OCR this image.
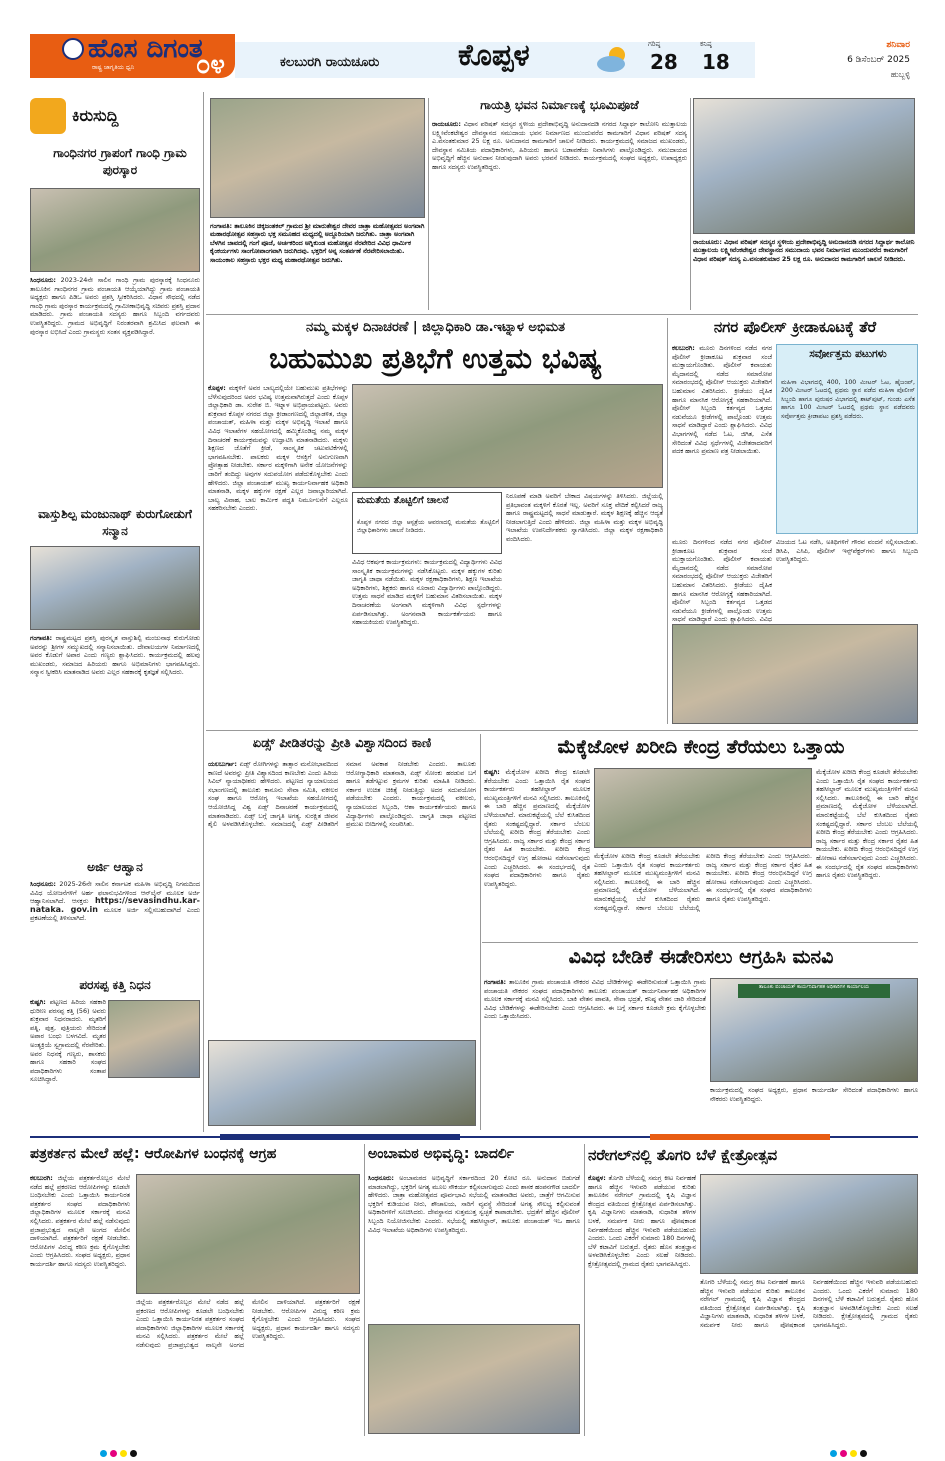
ಹೊಸ ದಿಗಂತ
ರಾಷ್ಟ್ರ ಜಾಗೃತಿಯ ಧ್ವನಿ	೦೪	ಕಲಬುರಗಿ ರಾಯಚೂರು	ಕೊಪ್ಪಳ	ಗರಿಷ್ಠ
28
ಕನಿಷ್ಠ
18
ಶನಿವಾರ
6 ಡಿಸೆಂಬರ್ 2025
ಹುಬ್ಬಳ್ಳಿ
ಕಿರುಸುದ್ದಿ
ಗಾಂಧಿನಗರ ಗ್ರಾಪಂಗೆ ಗಾಂಧಿ ಗ್ರಾಮ ಪುರಸ್ಕಾರ
ಸಿಂಧನೂರು: 2023-24ನೇ ಸಾಲಿನ ಗಾಂಧಿ ಗ್ರಾಮ ಪುರಸ್ಕಾರಕ್ಕೆ ಸಿಂಧನೂರು ತಾಲೂಕಿನ ಗಾಂಧಿನಗರ ಗ್ರಾಮ ಪಂಚಾಯತಿ ಆಯ್ಕೆಯಾಗಿದ್ದು ಗ್ರಾಮ ಪಂಚಾಯತಿ ಅಧ್ಯಕ್ಷರು ಹಾಗೂ ಪಿಡಿಒ ಅವರು ಪ್ರಶಸ್ತಿ ಸ್ವೀಕರಿಸಿದರು. ವಿಧಾನ ಸೌಧದಲ್ಲಿ ನಡೆದ ಗಾಂಧಿ ಗ್ರಾಮ ಪುರಸ್ಕಾರ ಕಾರ್ಯಕ್ರಮದಲ್ಲಿ ಗ್ರಾಮೀಣಾಭಿವೃದ್ಧಿ ಸಚಿವರು ಪ್ರಶಸ್ತಿ ಪ್ರದಾನ ಮಾಡಿದರು. ಗ್ರಾಮ ಪಂಚಾಯತಿ ಸದಸ್ಯರು ಹಾಗೂ ಸಿಬ್ಬಂದಿ ವರ್ಗದವರು ಉಪಸ್ಥಿತರಿದ್ದರು. ಗ್ರಾಮದ ಅಭಿವೃದ್ಧಿಗೆ ನಿರಂತರವಾಗಿ ಶ್ರಮಿಸಿದ ಫಲವಾಗಿ ಈ ಪುರಸ್ಕಾರ ಲಭಿಸಿದೆ ಎಂದು ಗ್ರಾಮಸ್ಥರು ಸಂತಸ ವ್ಯಕ್ತಪಡಿಸಿದ್ದಾರೆ.
ವಾಸ್ತುಶಿಲ್ಪ ಮಂಜುನಾಥ್ ಕುರುಗೋಡುಗೆ ಸನ್ಮಾನ
ಗಂಗಾವತಿ: ರಾಷ್ಟ್ರಮಟ್ಟದ ಪ್ರಶಸ್ತಿ ಪುರಸ್ಕೃತ ವಾಸ್ತುಶಿಲ್ಪಿ ಮಂಜುನಾಥ ಕುರುಗೋಡು ಅವರನ್ನು ಶ್ರೀಗಳ ಸಮ್ಮುಖದಲ್ಲಿ ಸನ್ಮಾನಿಸಲಾಯಿತು. ದೇವಾಲಯಗಳ ನಿರ್ಮಾಣದಲ್ಲಿ ಅವರ ಕೊಡುಗೆ ಅಪಾರ ಎಂದು ಗಣ್ಯರು ಶ್ಲಾಘಿಸಿದರು. ಕಾರ್ಯಕ್ರಮದಲ್ಲಿ ಹಲವು ಮುಖಂಡರು, ಸಮಾಜದ ಹಿರಿಯರು ಹಾಗೂ ಅಭಿಮಾನಿಗಳು ಭಾಗವಹಿಸಿದ್ದರು. ಸನ್ಮಾನ ಸ್ವೀಕರಿಸಿ ಮಾತನಾಡಿದ ಅವರು ಎಲ್ಲರ ಸಹಕಾರಕ್ಕೆ ಕೃತಜ್ಞತೆ ಸಲ್ಲಿಸಿದರು.
ಅರ್ಜಿ ಆಹ್ವಾನ
ಸಿಂಧನೂರು: 2025-26ನೇ ಸಾಲಿನ ಕರ್ನಾಟಕ ಮಹಿಳಾ ಅಭಿವೃದ್ಧಿ ನಿಗಮದಿಂದ ವಿವಿಧ ಯೋಜನೆಗಳಿಗೆ ಅರ್ಹ ಫಲಾನುಭವಿಗಳಿಂದ ಆನ್‌ಲೈನ್ ಮೂಲಕ ಅರ್ಜಿ ಆಹ್ವಾನಿಸಲಾಗಿದೆ. ಆಸಕ್ತರು https://sevasindhu.kar- nataka. gov.in ಮೂಲಕ ಅರ್ಜಿ ಸಲ್ಲಿಸಬಹುದಾಗಿದೆ ಎಂದು ಪ್ರಕಟಣೆಯಲ್ಲಿ ತಿಳಿಸಲಾಗಿದೆ.
ಪರಸಪ್ಪ ಕತ್ತಿ ನಿಧನ
ಕುಷ್ಟಗಿ: ಪಟ್ಟಣದ ಹಿರಿಯ ಸಹಕಾರಿ ಧುರೀಣ ಪರಸಪ್ಪ ಕತ್ತಿ (56) ಅವರು ಶುಕ್ರವಾರ ನಿಧನರಾದರು. ಮೃತರಿಗೆ ಪತ್ನಿ, ಪುತ್ರ, ಪುತ್ರಿಯರು ಸೇರಿದಂತೆ ಅಪಾರ ಬಂಧು ಬಳಗವಿದೆ. ಮೃತರ ಅಂತ್ಯಕ್ರಿಯೆ ಸ್ವಗ್ರಾಮದಲ್ಲಿ ನೆರವೇರಿತು. ಅವರ ನಿಧನಕ್ಕೆ ಗಣ್ಯರು, ಶಾಸಕರು ಹಾಗೂ ಸಹಕಾರಿ ಸಂಘದ ಪದಾಧಿಕಾರಿಗಳು ಸಂತಾಪ ಸೂಚಿಸಿದ್ದಾರೆ.
ಗಂಗಾವತಿ: ತಾಲೂಕಿನ ಚಿಕ್ಕಜಂತಕಲ್ ಗ್ರಾಮದ ಶ್ರೀ ಮಾರುತೇಶ್ವರ ದೇವರ ಜಾತ್ರಾ ಮಹೋತ್ಸವದ ಅಂಗವಾಗಿ ಮಹಾರಥೋತ್ಸವ ಸಹಸ್ರಾರು ಭಕ್ತ ಸಮೂಹದ ಮಧ್ಯದಲ್ಲಿ ಅದ್ದೂರಿಯಾಗಿ ಜರುಗಿತು. ಜಾತ್ರಾ ಅಂಗವಾಗಿ ಬೆಳಗಿನ ಜಾವದಲ್ಲಿ ಗಂಗೆ ಪೂಜೆ, ಅರ್ಚಕರಿಂದ ಅಗ್ನಿಕುಂಡ ಮಹೋತ್ಸವ ನೆರವೇರಿದ ವಿವಿಧ ಧಾರ್ಮಿಕ ಕೈಂಕರ್ಯಗಳು ಸಾಂಗೋಪಾಂಗವಾಗಿ ಜರುಗಿದವು. ಭಕ್ತರಿಗೆ ಅನ್ನ ಸಂತರ್ಪಣೆ ನೆರವೇರಿಸಲಾಯಿತು. ಸಾಯಂಕಾಲ ಸಹಸ್ರಾರು ಭಕ್ತರ ಮಧ್ಯ ಮಹಾರಥೋತ್ಸವ ಜರುಗಿತು.
ಗಾಯತ್ರಿ ಭವನ ನಿರ್ಮಾಣಕ್ಕೆ ಭೂಮಿಪೂಜೆ
ರಾಯಚೂರು: ವಿಧಾನ ಪರಿಷತ್ ಸದಸ್ಯರ ಸ್ಥಳೀಯ ಪ್ರದೇಶಾಭಿವೃದ್ಧಿ ಅನುದಾನದಡಿ ನಗರದ ಸಿದ್ದಾರ್ಥ ಕಾಲೋನಿ ಮುತ್ತಾಲಯ ಲಕ್ಷ್ಮೀವೆಂಕಟೇಶ್ವರ ದೇವಸ್ಥಾನದ ಸಮುದಾಯ ಭವನ ನಿರ್ಮಾಣದ ಮುಂದುವರೆದ ಕಾಮಗಾರಿಗೆ ವಿಧಾನ ಪರಿಷತ್ ಸದಸ್ಯ ಎ.ವಸಂತಕುಮಾರ 25 ಲಕ್ಷ ರೂ. ಅನುದಾನದ ಕಾಮಗಾರಿಗೆ ಚಾಲನೆ ನೀಡಿದರು. ಕಾರ್ಯಕ್ರಮದಲ್ಲಿ ಸಮಾಜದ ಮುಖಂಡರು, ದೇವಸ್ಥಾನ ಸಮಿತಿಯ ಪದಾಧಿಕಾರಿಗಳು, ಹಿರಿಯರು ಹಾಗೂ ಬಡಾವಣೆಯ ನಿವಾಸಿಗಳು ಪಾಲ್ಗೊಂಡಿದ್ದರು. ಸಮುದಾಯದ ಅಭಿವೃದ್ಧಿಗೆ ಹೆಚ್ಚಿನ ಅನುದಾನ ನೀಡುವುದಾಗಿ ಅವರು ಭರವಸೆ ನೀಡಿದರು. ಕಾರ್ಯಕ್ರಮದಲ್ಲಿ ಸಂಘದ ಅಧ್ಯಕ್ಷರು, ಉಪಾಧ್ಯಕ್ಷರು ಹಾಗೂ ಸದಸ್ಯರು ಉಪಸ್ಥಿತರಿದ್ದರು.
ರಾಯಚೂರು: ವಿಧಾನ ಪರಿಷತ್ ಸದಸ್ಯರ ಸ್ಥಳೀಯ ಪ್ರದೇಶಾಭಿವೃದ್ಧಿ ಅನುದಾನದಡಿ ನಗರದ ಸಿದ್ದಾರ್ಥ ಕಾಲೋನಿ ಮುತ್ತಾಲಯ ಲಕ್ಷ್ಮೀವೆಂಕಟೇಶ್ವರ ದೇವಸ್ಥಾನದ ಸಮುದಾಯ ಭವನ ನಿರ್ಮಾಣದ ಮುಂದುವರೆದ ಕಾಮಗಾರಿಗೆ ವಿಧಾನ ಪರಿಷತ್ ಸದಸ್ಯ ಎ.ವಸಂತಕುಮಾರ 25 ಲಕ್ಷ ರೂ. ಅನುದಾನದ ಕಾಮಗಾರಿಗೆ ಚಾಲನೆ ನೀಡಿದರು.
ನಮ್ಮ ಮಕ್ಕಳ ದಿನಾಚರಣೆ | ಜಿಲ್ಲಾಧಿಕಾರಿ ಡಾ.ಇಟ್ನಾಳ ಅಭಿಮತ
ಬಹುಮುಖ ಪ್ರತಿಭೆಗೆ ಉತ್ತಮ ಭವಿಷ್ಯ
ಕೊಪ್ಪಳ: ಮಕ್ಕಳಿಗೆ ಅವರ ಬಾಲ್ಯದಲ್ಲಿಯೇ ಬಹುಮುಖ ಪ್ರತಿಭೆಗಳನ್ನು ಬೆಳೆಸುವುದರಿಂದ ಅವರ ಭವಿಷ್ಯ ಉತ್ತಮವಾಗಿರುತ್ತದೆ ಎಂದು ಕೊಪ್ಪಳ ಜಿಲ್ಲಾಧಿಕಾರಿ ಡಾ. ಸುರೇಶ ಬಿ. ಇಟ್ನಾಳ ಅಭಿಪ್ರಾಯಪಟ್ಟರು. ಅವರು ಶುಕ್ರವಾರ ಕೊಪ್ಪಳ ನಗರದ ಜಿಲ್ಲಾ ಕ್ರೀಡಾಂಗಣದಲ್ಲಿ ಜಿಲ್ಲಾಡಳಿತ, ಜಿಲ್ಲಾ ಪಂಚಾಯತ್, ಮಹಿಳಾ ಮತ್ತು ಮಕ್ಕಳ ಅಭಿವೃದ್ಧಿ ಇಲಾಖೆ ಹಾಗೂ ವಿವಿಧ ಇಲಾಖೆಗಳ ಸಹಯೋಗದಲ್ಲಿ ಹಮ್ಮಿಕೊಂಡಿದ್ದ ನಮ್ಮ ಮಕ್ಕಳ ದಿನಾಚರಣೆ ಕಾರ್ಯಕ್ರಮವನ್ನು ಉದ್ಘಾಟಿಸಿ ಮಾತನಾಡಿದರು. ಮಕ್ಕಳು ಶಿಕ್ಷಣದ ಜೊತೆಗೆ ಕ್ರೀಡೆ, ಸಾಂಸ್ಕೃತಿಕ ಚಟುವಟಿಕೆಗಳಲ್ಲಿ ಭಾಗವಹಿಸಬೇಕು. ಪಾಲಕರು ಮಕ್ಕಳ ಆಸಕ್ತಿಗೆ ಅನುಗುಣವಾಗಿ ಪ್ರೋತ್ಸಾಹ ನೀಡಬೇಕು. ಸರ್ಕಾರ ಮಕ್ಕಳಿಗಾಗಿ ಅನೇಕ ಯೋಜನೆಗಳನ್ನು ಜಾರಿಗೆ ತಂದಿದ್ದು ಅವುಗಳ ಸದುಪಯೋಗ ಪಡೆದುಕೊಳ್ಳಬೇಕು ಎಂದು ಹೇಳಿದರು. ಜಿಲ್ಲಾ ಪಂಚಾಯತ್ ಮುಖ್ಯ ಕಾರ್ಯನಿರ್ವಾಹಕ ಅಧಿಕಾರಿ ಮಾತನಾಡಿ, ಮಕ್ಕಳ ಹಕ್ಕುಗಳ ರಕ್ಷಣೆ ಎಲ್ಲರ ಜವಾಬ್ದಾರಿಯಾಗಿದೆ. ಬಾಲ್ಯ ವಿವಾಹ, ಬಾಲ ಕಾರ್ಮಿಕ ಪದ್ಧತಿ ನಿರ್ಮೂಲನೆಗೆ ಎಲ್ಲರೂ ಸಹಕರಿಸಬೇಕು ಎಂದರು.
ಮಮತೆಯ ತೊಟ್ಟಿಲಿಗೆ ಚಾಲನೆ
ಕೊಪ್ಪಳ ನಗರದ ಜಿಲ್ಲಾ ಆಸ್ಪತ್ರೆಯ ಆವರಣದಲ್ಲಿ ಮಮತೆಯ ತೊಟ್ಟಿಲಿಗೆ ಜಿಲ್ಲಾಧಿಕಾರಿಗಳು ಚಾಲನೆ ನೀಡಿದರು.
ವಿವಿಧ ಆಕರ್ಷಕ ಕಾರ್ಯಕ್ರಮಗಳು: ಕಾರ್ಯಕ್ರಮದಲ್ಲಿ ವಿದ್ಯಾರ್ಥಿಗಳು ವಿವಿಧ ಸಾಂಸ್ಕೃತಿಕ ಕಾರ್ಯಕ್ರಮಗಳನ್ನು ನಡೆಸಿಕೊಟ್ಟರು. ಮಕ್ಕಳ ಹಕ್ಕುಗಳ ಕುರಿತು ಜಾಗೃತಿ ಜಾಥಾ ನಡೆಯಿತು. ಮಕ್ಕಳ ರಕ್ಷಣಾಧಿಕಾರಿಗಳು, ಶಿಕ್ಷಣ ಇಲಾಖೆಯ ಅಧಿಕಾರಿಗಳು, ಶಿಕ್ಷಕರು ಹಾಗೂ ನೂರಾರು ವಿದ್ಯಾರ್ಥಿಗಳು ಪಾಲ್ಗೊಂಡಿದ್ದರು. ಉತ್ತಮ ಸಾಧನೆ ಮಾಡಿದ ಮಕ್ಕಳಿಗೆ ಬಹುಮಾನ ವಿತರಿಸಲಾಯಿತು. ಮಕ್ಕಳ ದಿನಾಚರಣೆಯ ಅಂಗವಾಗಿ ಮಕ್ಕಳಿಗಾಗಿ ವಿವಿಧ ಸ್ಪರ್ಧೆಗಳನ್ನು ಏರ್ಪಡಿಸಲಾಗಿತ್ತು. ಅಂಗನವಾಡಿ ಕಾರ್ಯಕರ್ತೆಯರು ಹಾಗೂ ಸಹಾಯಕಿಯರು ಉಪಸ್ಥಿತರಿದ್ದರು.
ನಿರೂಪಣೆ ಮಾಡಿ ಅವರಿಗೆ ಬೇಕಾದ ವಿಷಯಗಳನ್ನು ತಿಳಿಸಿದರು. ಜಿಲ್ಲೆಯಲ್ಲಿ ಪ್ರತಿಭಾವಂತ ಮಕ್ಕಳಿಗೆ ಕೊರತೆ ಇಲ್ಲ. ಅವರಿಗೆ ಸೂಕ್ತ ವೇದಿಕೆ ಕಲ್ಪಿಸಿದರೆ ರಾಜ್ಯ ಹಾಗೂ ರಾಷ್ಟ್ರಮಟ್ಟದಲ್ಲಿ ಸಾಧನೆ ಮಾಡುತ್ತಾರೆ. ಮಕ್ಕಳ ಶಿಕ್ಷಣಕ್ಕೆ ಹೆಚ್ಚಿನ ಆದ್ಯತೆ ನೀಡಲಾಗುತ್ತಿದೆ ಎಂದು ಹೇಳಿದರು. ಜಿಲ್ಲಾ ಮಹಿಳಾ ಮತ್ತು ಮಕ್ಕಳ ಅಭಿವೃದ್ಧಿ ಇಲಾಖೆಯ ಉಪನಿರ್ದೇಶಕರು ಸ್ವಾಗತಿಸಿದರು. ಜಿಲ್ಲಾ ಮಕ್ಕಳ ರಕ್ಷಣಾಧಿಕಾರಿ ವಂದಿಸಿದರು.
ನಗರ ಪೊಲೀಸ್ ಕ್ರೀಡಾಕೂಟಕ್ಕೆ ತೆರೆ
ಕಲಬುರಗಿ: ಮೂರು ದಿನಗಳಿಂದ ನಡೆದ ನಗರ ಪೊಲೀಸ್ ಕ್ರೀಡಾಕೂಟ ಶುಕ್ರವಾರ ಸಂಜೆ ಮುಕ್ತಾಯಗೊಂಡಿತು. ಪೊಲೀಸ್ ಕವಾಯತು ಮೈದಾನದಲ್ಲಿ ನಡೆದ ಸಮಾರೋಪ ಸಮಾರಂಭದಲ್ಲಿ ಪೊಲೀಸ್ ಆಯುಕ್ತರು ವಿಜೇತರಿಗೆ ಬಹುಮಾನ ವಿತರಿಸಿದರು. ಕ್ರೀಡೆಯು ದೈಹಿಕ ಹಾಗೂ ಮಾನಸಿಕ ಆರೋಗ್ಯಕ್ಕೆ ಸಹಕಾರಿಯಾಗಿದೆ. ಪೊಲೀಸ್ ಸಿಬ್ಬಂದಿ ಕರ್ತವ್ಯದ ಒತ್ತಡದ ನಡುವೆಯೂ ಕ್ರೀಡೆಗಳಲ್ಲಿ ಪಾಲ್ಗೊಂಡು ಉತ್ತಮ ಸಾಧನೆ ಮಾಡಿದ್ದಾರೆ ಎಂದು ಶ್ಲಾಘಿಸಿದರು. ವಿವಿಧ ವಿಭಾಗಗಳಲ್ಲಿ ನಡೆದ ಓಟ, ಜಿಗಿತ, ಎಸೆತ ಸೇರಿದಂತೆ ವಿವಿಧ ಸ್ಪರ್ಧೆಗಳಲ್ಲಿ ವಿಜೇತರಾದವರಿಗೆ ಪದಕ ಹಾಗೂ ಪ್ರಮಾಣ ಪತ್ರ ನೀಡಲಾಯಿತು.
ಸರ್ವೋತ್ತಮ ಪಟುಗಳು
ಮಹಿಳಾ ವಿಭಾಗದಲ್ಲಿ 400, 100 ಮೀಟರ್ ಓಟ, ಹೈಜಂಪ್, 200 ಮೀಟರ್ ಓಟದಲ್ಲಿ ಪ್ರಥಮ ಸ್ಥಾನ ಪಡೆದ ಮಹಿಳಾ ಪೊಲೀಸ್ ಸಿಬ್ಬಂದಿ ಹಾಗೂ ಪುರುಷರ ವಿಭಾಗದಲ್ಲಿ ಶಾಟ್‌ಪುಟ್, ಗುಂಡು ಎಸೆತ ಹಾಗೂ 100 ಮೀಟರ್ ಓಟದಲ್ಲಿ ಪ್ರಥಮ ಸ್ಥಾನ ಪಡೆದವರು ಸರ್ವೋತ್ತಮ ಕ್ರೀಡಾಪಟು ಪ್ರಶಸ್ತಿ ಪಡೆದರು.
ವಿಜಯದ ಓಟ ನಡೆಸಿ, ಅತಿಥಿಗಳಿಗೆ ಗೌರವ ವಂದನೆ ಸಲ್ಲಿಸಲಾಯಿತು. ಡಿಸಿಪಿ, ಎಸಿಪಿ, ಪೊಲೀಸ್ ಇನ್ಸ್‌ಪೆಕ್ಟರ್‌ಗಳು ಹಾಗೂ ಸಿಬ್ಬಂದಿ ಉಪಸ್ಥಿತರಿದ್ದರು.
ಮೂರು ದಿನಗಳಿಂದ ನಡೆದ ನಗರ ಪೊಲೀಸ್ ಕ್ರೀಡಾಕೂಟ ಶುಕ್ರವಾರ ಸಂಜೆ ಮುಕ್ತಾಯಗೊಂಡಿತು. ಪೊಲೀಸ್ ಕವಾಯತು ಮೈದಾನದಲ್ಲಿ ನಡೆದ ಸಮಾರೋಪ ಸಮಾರಂಭದಲ್ಲಿ ಪೊಲೀಸ್ ಆಯುಕ್ತರು ವಿಜೇತರಿಗೆ ಬಹುಮಾನ ವಿತರಿಸಿದರು. ಕ್ರೀಡೆಯು ದೈಹಿಕ ಹಾಗೂ ಮಾನಸಿಕ ಆರೋಗ್ಯಕ್ಕೆ ಸಹಕಾರಿಯಾಗಿದೆ. ಪೊಲೀಸ್ ಸಿಬ್ಬಂದಿ ಕರ್ತವ್ಯದ ಒತ್ತಡದ ನಡುವೆಯೂ ಕ್ರೀಡೆಗಳಲ್ಲಿ ಪಾಲ್ಗೊಂಡು ಉತ್ತಮ ಸಾಧನೆ ಮಾಡಿದ್ದಾರೆ ಎಂದು ಶ್ಲಾಘಿಸಿದರು. ವಿವಿಧ
ಏಡ್ಸ್ ಪೀಡಿತರನ್ನು ಪ್ರೀತಿ ವಿಶ್ವಾಸದಿಂದ ಕಾಣಿ
ಯಲಬುರ್ಗಾ: ಏಡ್ಸ್ ರೋಗಿಗಳನ್ನು ತಾತ್ಸಾರ ಮನೋಭಾವದಿಂದ ಕಾಣದೆ ಅವರನ್ನು ಪ್ರೀತಿ ವಿಶ್ವಾಸದಿಂದ ಕಾಣಬೇಕು ಎಂದು ಹಿರಿಯ ಸಿವಿಲ್ ನ್ಯಾಯಾಧೀಶರು ಹೇಳಿದರು. ಪಟ್ಟಣದ ನ್ಯಾಯಾಲಯದ ಸಭಾಂಗಣದಲ್ಲಿ ತಾಲೂಕು ಕಾನೂನು ಸೇವಾ ಸಮಿತಿ, ವಕೀಲರ ಸಂಘ ಹಾಗೂ ಆರೋಗ್ಯ ಇಲಾಖೆಯ ಸಹಯೋಗದಲ್ಲಿ ಆಯೋಜಿಸಿದ್ದ ವಿಶ್ವ ಏಡ್ಸ್ ದಿನಾಚರಣೆ ಕಾರ್ಯಕ್ರಮದಲ್ಲಿ ಮಾತನಾಡಿದರು. ಏಡ್ಸ್ ಬಗ್ಗೆ ಜಾಗೃತಿ ಅಗತ್ಯ. ಸುರಕ್ಷಿತ ಜೀವನ ಶೈಲಿ ಅಳವಡಿಸಿಕೊಳ್ಳಬೇಕು. ಸಮಾಜದಲ್ಲಿ ಏಡ್ಸ್ ಪೀಡಿತರಿಗೆ ಸಮಾನ ಅವಕಾಶ ನೀಡಬೇಕು ಎಂದರು. ತಾಲೂಕು ಆರೋಗ್ಯಾಧಿಕಾರಿ ಮಾತನಾಡಿ, ಏಡ್ಸ್ ಸೋಂಕು ಹರಡುವ ಬಗೆ ಹಾಗೂ ತಡೆಗಟ್ಟುವ ಕ್ರಮಗಳ ಕುರಿತು ಮಾಹಿತಿ ನೀಡಿದರು. ಸರ್ಕಾರ ಉಚಿತ ಚಿಕಿತ್ಸೆ ನೀಡುತ್ತಿದ್ದು ಅದರ ಸದುಪಯೋಗ ಪಡೆಯಬೇಕು ಎಂದರು. ಕಾರ್ಯಕ್ರಮದಲ್ಲಿ ವಕೀಲರು, ನ್ಯಾಯಾಲಯದ ಸಿಬ್ಬಂದಿ, ಆಶಾ ಕಾರ್ಯಕರ್ತೆಯರು ಹಾಗೂ ವಿದ್ಯಾರ್ಥಿಗಳು ಪಾಲ್ಗೊಂಡಿದ್ದರು. ಜಾಗೃತಿ ಜಾಥಾ ಪಟ್ಟಣದ ಪ್ರಮುಖ ಬೀದಿಗಳಲ್ಲಿ ಸಂಚರಿಸಿತು.
ಮೆಕ್ಕೆಜೋಳ ಖರೀದಿ ಕೇಂದ್ರ ತೆರೆಯಲು ಒತ್ತಾಯ
ಕುಷ್ಟಗಿ: ಮೆಕ್ಕೆಜೋಳ ಖರೀದಿ ಕೇಂದ್ರ ಕೂಡಲೇ ತೆರೆಯಬೇಕು ಎಂದು ಒತ್ತಾಯಿಸಿ ರೈತ ಸಂಘದ ಕಾರ್ಯಕರ್ತರು ತಹಸೀಲ್ದಾರ್ ಮೂಲಕ ಮುಖ್ಯಮಂತ್ರಿಗಳಿಗೆ ಮನವಿ ಸಲ್ಲಿಸಿದರು. ತಾಲೂಕಿನಲ್ಲಿ ಈ ಬಾರಿ ಹೆಚ್ಚಿನ ಪ್ರಮಾಣದಲ್ಲಿ ಮೆಕ್ಕೆಜೋಳ ಬೆಳೆಯಲಾಗಿದೆ. ಮಾರುಕಟ್ಟೆಯಲ್ಲಿ ಬೆಲೆ ಕುಸಿತದಿಂದ ರೈತರು ಸಂಕಷ್ಟದಲ್ಲಿದ್ದಾರೆ. ಸರ್ಕಾರ ಬೆಂಬಲ ಬೆಲೆಯಲ್ಲಿ ಖರೀದಿ ಕೇಂದ್ರ ತೆರೆಯಬೇಕು ಎಂದು ಆಗ್ರಹಿಸಿದರು. ರಾಜ್ಯ ಸರ್ಕಾರ ಮತ್ತು ಕೇಂದ್ರ ಸರ್ಕಾರ ರೈತರ ಹಿತ ಕಾಯಬೇಕು. ಖರೀದಿ ಕೇಂದ್ರ ಆರಂಭಿಸದಿದ್ದರೆ ಉಗ್ರ ಹೋರಾಟ ನಡೆಸಲಾಗುವುದು ಎಂದು ಎಚ್ಚರಿಸಿದರು. ಈ ಸಂದರ್ಭದಲ್ಲಿ ರೈತ ಸಂಘದ ಪದಾಧಿಕಾರಿಗಳು ಹಾಗೂ ರೈತರು ಉಪಸ್ಥಿತರಿದ್ದರು.
ಮೆಕ್ಕೆಜೋಳ ಖರೀದಿ ಕೇಂದ್ರ ಕೂಡಲೇ ತೆರೆಯಬೇಕು ಎಂದು ಒತ್ತಾಯಿಸಿ ರೈತ ಸಂಘದ ಕಾರ್ಯಕರ್ತರು ತಹಸೀಲ್ದಾರ್ ಮೂಲಕ ಮುಖ್ಯಮಂತ್ರಿಗಳಿಗೆ ಮನವಿ ಸಲ್ಲಿಸಿದರು. ತಾಲೂಕಿನಲ್ಲಿ ಈ ಬಾರಿ ಹೆಚ್ಚಿನ ಪ್ರಮಾಣದಲ್ಲಿ ಮೆಕ್ಕೆಜೋಳ ಬೆಳೆಯಲಾಗಿದೆ. ಮಾರುಕಟ್ಟೆಯಲ್ಲಿ ಬೆಲೆ ಕುಸಿತದಿಂದ ರೈತರು ಸಂಕಷ್ಟದಲ್ಲಿದ್ದಾರೆ. ಸರ್ಕಾರ ಬೆಂಬಲ ಬೆಲೆಯಲ್ಲಿ ಖರೀದಿ ಕೇಂದ್ರ ತೆರೆಯಬೇಕು ಎಂದು ಆಗ್ರಹಿಸಿದರು. ರಾಜ್ಯ ಸರ್ಕಾರ ಮತ್ತು ಕೇಂದ್ರ ಸರ್ಕಾರ ರೈತರ ಹಿತ ಕಾಯಬೇಕು. ಖರೀದಿ ಕೇಂದ್ರ ಆರಂಭಿಸದಿದ್ದರೆ ಉಗ್ರ ಹೋರಾಟ ನಡೆಸಲಾಗುವುದು ಎಂದು ಎಚ್ಚರಿಸಿದರು. ಈ ಸಂದರ್ಭದಲ್ಲಿ ರೈತ ಸಂಘದ ಪದಾಧಿಕಾರಿಗಳು ಹಾಗೂ ರೈತರು ಉಪಸ್ಥಿತರಿದ್ದರು.
ಮೆಕ್ಕೆಜೋಳ ಖರೀದಿ ಕೇಂದ್ರ ಕೂಡಲೇ ತೆರೆಯಬೇಕು ಎಂದು ಒತ್ತಾಯಿಸಿ ರೈತ ಸಂಘದ ಕಾರ್ಯಕರ್ತರು ತಹಸೀಲ್ದಾರ್ ಮೂಲಕ ಮುಖ್ಯಮಂತ್ರಿಗಳಿಗೆ ಮನವಿ ಸಲ್ಲಿಸಿದರು. ತಾಲೂಕಿನಲ್ಲಿ ಈ ಬಾರಿ ಹೆಚ್ಚಿನ ಪ್ರಮಾಣದಲ್ಲಿ ಮೆಕ್ಕೆಜೋಳ ಬೆಳೆಯಲಾಗಿದೆ. ಮಾರುಕಟ್ಟೆಯಲ್ಲಿ ಬೆಲೆ ಕುಸಿತದಿಂದ ರೈತರು ಸಂಕಷ್ಟದಲ್ಲಿದ್ದಾರೆ. ಸರ್ಕಾರ ಬೆಂಬಲ ಬೆಲೆಯಲ್ಲಿ ಖರೀದಿ ಕೇಂದ್ರ ತೆರೆಯಬೇಕು ಎಂದು ಆಗ್ರಹಿಸಿದರು. ರಾಜ್ಯ ಸರ್ಕಾರ ಮತ್ತು ಕೇಂದ್ರ ಸರ್ಕಾರ ರೈತರ ಹಿತ ಕಾಯಬೇಕು. ಖರೀದಿ ಕೇಂದ್ರ ಆರಂಭಿಸದಿದ್ದರೆ ಉಗ್ರ ಹೋರಾಟ ನಡೆಸಲಾಗುವುದು ಎಂದು ಎಚ್ಚರಿಸಿದರು. ಈ ಸಂದರ್ಭದಲ್ಲಿ ರೈತ ಸಂಘದ ಪದಾಧಿಕಾರಿಗಳು ಹಾಗೂ ರೈತರು ಉಪಸ್ಥಿತರಿದ್ದರು.
ವಿವಿಧ ಬೇಡಿಕೆ ಈಡೇರಿಸಲು ಆಗ್ರಹಿಸಿ ಮನವಿ
ಗಂಗಾವತಿ: ತಾಲೂಕಿನ ಗ್ರಾಮ ಪಂಚಾಯತಿ ನೌಕರರ ವಿವಿಧ ಬೇಡಿಕೆಗಳನ್ನು ಈಡೇರಿಸುವಂತೆ ಒತ್ತಾಯಿಸಿ ಗ್ರಾಮ ಪಂಚಾಯತಿ ನೌಕರರ ಸಂಘದ ಪದಾಧಿಕಾರಿಗಳು ತಾಲೂಕು ಪಂಚಾಯತ್ ಕಾರ್ಯನಿರ್ವಾಹಕ ಅಧಿಕಾರಿಗಳ ಮೂಲಕ ಸರ್ಕಾರಕ್ಕೆ ಮನವಿ ಸಲ್ಲಿಸಿದರು. ಬಾಕಿ ವೇತನ ಪಾವತಿ, ಸೇವಾ ಭದ್ರತೆ, ಕನಿಷ್ಠ ವೇತನ ಜಾರಿ ಸೇರಿದಂತೆ ವಿವಿಧ ಬೇಡಿಕೆಗಳನ್ನು ಈಡೇರಿಸಬೇಕು ಎಂದು ಆಗ್ರಹಿಸಿದರು. ಈ ಬಗ್ಗೆ ಸರ್ಕಾರ ಕೂಡಲೇ ಕ್ರಮ ಕೈಗೊಳ್ಳಬೇಕು ಎಂದು ಒತ್ತಾಯಿಸಿದರು.
ತಾಲೂಕು ಪಂಚಾಯತ್ ಕಾರ್ಯನಿರ್ವಾಹಕ ಅಧಿಕಾರಿಗಳ ಕಾರ್ಯಾಲಯ
ಕಾರ್ಯಕ್ರಮದಲ್ಲಿ ಸಂಘದ ಅಧ್ಯಕ್ಷರು, ಪ್ರಧಾನ ಕಾರ್ಯದರ್ಶಿ ಸೇರಿದಂತೆ ಪದಾಧಿಕಾರಿಗಳು ಹಾಗೂ ನೌಕರರು ಉಪಸ್ಥಿತರಿದ್ದರು.
ಪತ್ರಕರ್ತನ ಮೇಲೆ ಹಲ್ಲೆ: ಆರೋಪಿಗಳ ಬಂಧನಕ್ಕೆ ಆಗ್ರಹ
ಕಲಬುರಗಿ: ಜಿಲ್ಲೆಯ ಪತ್ರಕರ್ತರೊಬ್ಬರ ಮೇಲೆ ನಡೆದ ಹಲ್ಲೆ ಪ್ರಕರಣದ ಆರೋಪಿಗಳನ್ನು ಕೂಡಲೇ ಬಂಧಿಸಬೇಕು ಎಂದು ಒತ್ತಾಯಿಸಿ ಕಾರ್ಯನಿರತ ಪತ್ರಕರ್ತರ ಸಂಘದ ಪದಾಧಿಕಾರಿಗಳು ಜಿಲ್ಲಾಧಿಕಾರಿಗಳ ಮೂಲಕ ಸರ್ಕಾರಕ್ಕೆ ಮನವಿ ಸಲ್ಲಿಸಿದರು. ಪತ್ರಕರ್ತರ ಮೇಲೆ ಹಲ್ಲೆ ನಡೆಸುವುದು ಪ್ರಜಾಪ್ರಭುತ್ವದ ನಾಲ್ಕನೇ ಅಂಗದ ಮೇಲಿನ ದಾಳಿಯಾಗಿದೆ. ಪತ್ರಕರ್ತರಿಗೆ ರಕ್ಷಣೆ ನೀಡಬೇಕು. ಆರೋಪಿಗಳ ವಿರುದ್ಧ ಕಠಿಣ ಕ್ರಮ ಕೈಗೊಳ್ಳಬೇಕು ಎಂದು ಆಗ್ರಹಿಸಿದರು. ಸಂಘದ ಅಧ್ಯಕ್ಷರು, ಪ್ರಧಾನ ಕಾರ್ಯದರ್ಶಿ ಹಾಗೂ ಸದಸ್ಯರು ಉಪಸ್ಥಿತರಿದ್ದರು.
ಜಿಲ್ಲೆಯ ಪತ್ರಕರ್ತರೊಬ್ಬರ ಮೇಲೆ ನಡೆದ ಹಲ್ಲೆ ಪ್ರಕರಣದ ಆರೋಪಿಗಳನ್ನು ಕೂಡಲೇ ಬಂಧಿಸಬೇಕು ಎಂದು ಒತ್ತಾಯಿಸಿ ಕಾರ್ಯನಿರತ ಪತ್ರಕರ್ತರ ಸಂಘದ ಪದಾಧಿಕಾರಿಗಳು ಜಿಲ್ಲಾಧಿಕಾರಿಗಳ ಮೂಲಕ ಸರ್ಕಾರಕ್ಕೆ ಮನವಿ ಸಲ್ಲಿಸಿದರು. ಪತ್ರಕರ್ತರ ಮೇಲೆ ಹಲ್ಲೆ ನಡೆಸುವುದು ಪ್ರಜಾಪ್ರಭುತ್ವದ ನಾಲ್ಕನೇ ಅಂಗದ ಮೇಲಿನ ದಾಳಿಯಾಗಿದೆ. ಪತ್ರಕರ್ತರಿಗೆ ರಕ್ಷಣೆ ನೀಡಬೇಕು. ಆರೋಪಿಗಳ ವಿರುದ್ಧ ಕಠಿಣ ಕ್ರಮ ಕೈಗೊಳ್ಳಬೇಕು ಎಂದು ಆಗ್ರಹಿಸಿದರು. ಸಂಘದ ಅಧ್ಯಕ್ಷರು, ಪ್ರಧಾನ ಕಾರ್ಯದರ್ಶಿ ಹಾಗೂ ಸದಸ್ಯರು ಉಪಸ್ಥಿತರಿದ್ದರು.
ಅಂಬಾಮಠ ಅಭಿವೃದ್ಧಿ: ಬಾದರ್ಲಿ
ಸಿಂಧನೂರು: ಅಂಬಾಮಠದ ಅಭಿವೃದ್ಧಿಗೆ ಸರ್ಕಾರದಿಂದ 20 ಕೋಟಿ ರೂ. ಅನುದಾನ ಬಿಡುಗಡೆ ಮಾಡಲಾಗಿದ್ದು, ಭಕ್ತರಿಗೆ ಅಗತ್ಯ ಮೂಲ ಸೌಕರ್ಯ ಕಲ್ಪಿಸಲಾಗುವುದು ಎಂದು ಶಾಸಕ ಹಂಪನಗೌಡ ಬಾದರ್ಲಿ ಹೇಳಿದರು. ಜಾತ್ರಾ ಮಹೋತ್ಸವದ ಪೂರ್ವಭಾವಿ ಸಭೆಯಲ್ಲಿ ಮಾತನಾಡಿದ ಅವರು, ಜಾತ್ರೆಗೆ ಆಗಮಿಸುವ ಭಕ್ತರಿಗೆ ಕುಡಿಯುವ ನೀರು, ಶೌಚಾಲಯ, ಸಾರಿಗೆ ವ್ಯವಸ್ಥೆ ಸೇರಿದಂತೆ ಅಗತ್ಯ ಸೌಲಭ್ಯ ಕಲ್ಪಿಸುವಂತೆ ಅಧಿಕಾರಿಗಳಿಗೆ ಸೂಚಿಸಿದರು. ದೇವಸ್ಥಾನದ ಸುತ್ತಮುತ್ತ ಸ್ವಚ್ಛತೆ ಕಾಪಾಡಬೇಕು. ಭದ್ರತೆಗೆ ಹೆಚ್ಚಿನ ಪೊಲೀಸ್ ಸಿಬ್ಬಂದಿ ನಿಯೋಜಿಸಬೇಕು ಎಂದರು. ಸಭೆಯಲ್ಲಿ ತಹಸೀಲ್ದಾರ್, ತಾಲೂಕು ಪಂಚಾಯತ್ ಇಒ ಹಾಗೂ ವಿವಿಧ ಇಲಾಖೆಯ ಅಧಿಕಾರಿಗಳು ಉಪಸ್ಥಿತರಿದ್ದರು.
ನರೇಗಲ್‌ನಲ್ಲಿ ತೊಗರಿ ಬೆಳೆ ಕ್ಷೇತ್ರೋತ್ಸವ
ಕೊಪ್ಪಳ: ತೊಗರಿ ಬೆಳೆಯಲ್ಲಿ ಸಮಗ್ರ ಕೀಟ ನಿರ್ವಹಣೆ ಹಾಗೂ ಹೆಚ್ಚಿನ ಇಳುವರಿ ಪಡೆಯುವ ಕುರಿತು ತಾಲೂಕಿನ ನರೇಗಲ್ ಗ್ರಾಮದಲ್ಲಿ ಕೃಷಿ ವಿಜ್ಞಾನ ಕೇಂದ್ರದ ವತಿಯಿಂದ ಕ್ಷೇತ್ರೋತ್ಸವ ಏರ್ಪಡಿಸಲಾಗಿತ್ತು. ಕೃಷಿ ವಿಜ್ಞಾನಿಗಳು ಮಾತನಾಡಿ, ಸುಧಾರಿತ ತಳಿಗಳ ಬಳಕೆ, ಸಮರ್ಪಕ ನೀರು ಹಾಗೂ ಪೋಷಕಾಂಶ ನಿರ್ವಹಣೆಯಿಂದ ಹೆಚ್ಚಿನ ಇಳುವರಿ ಪಡೆಯಬಹುದು ಎಂದರು. ಒಂದು ಎಕರೆಗೆ ಸುಮಾರು 180 ದಿನಗಳಲ್ಲಿ ಬೆಳೆ ಕಟಾವಿಗೆ ಬರುತ್ತದೆ. ರೈತರು ಹೊಸ ತಂತ್ರಜ್ಞಾನ ಅಳವಡಿಸಿಕೊಳ್ಳಬೇಕು ಎಂದು ಸಲಹೆ ನೀಡಿದರು. ಕ್ಷೇತ್ರೋತ್ಸವದಲ್ಲಿ ಗ್ರಾಮದ ರೈತರು ಭಾಗವಹಿಸಿದ್ದರು.
ತೊಗರಿ ಬೆಳೆಯಲ್ಲಿ ಸಮಗ್ರ ಕೀಟ ನಿರ್ವಹಣೆ ಹಾಗೂ ಹೆಚ್ಚಿನ ಇಳುವರಿ ಪಡೆಯುವ ಕುರಿತು ತಾಲೂಕಿನ ನರೇಗಲ್ ಗ್ರಾಮದಲ್ಲಿ ಕೃಷಿ ವಿಜ್ಞಾನ ಕೇಂದ್ರದ ವತಿಯಿಂದ ಕ್ಷೇತ್ರೋತ್ಸವ ಏರ್ಪಡಿಸಲಾಗಿತ್ತು. ಕೃಷಿ ವಿಜ್ಞಾನಿಗಳು ಮಾತನಾಡಿ, ಸುಧಾರಿತ ತಳಿಗಳ ಬಳಕೆ, ಸಮರ್ಪಕ ನೀರು ಹಾಗೂ ಪೋಷಕಾಂಶ ನಿರ್ವಹಣೆಯಿಂದ ಹೆಚ್ಚಿನ ಇಳುವರಿ ಪಡೆಯಬಹುದು ಎಂದರು. ಒಂದು ಎಕರೆಗೆ ಸುಮಾರು 180 ದಿನಗಳಲ್ಲಿ ಬೆಳೆ ಕಟಾವಿಗೆ ಬರುತ್ತದೆ. ರೈತರು ಹೊಸ ತಂತ್ರಜ್ಞಾನ ಅಳವಡಿಸಿಕೊಳ್ಳಬೇಕು ಎಂದು ಸಲಹೆ ನೀಡಿದರು. ಕ್ಷೇತ್ರೋತ್ಸವದಲ್ಲಿ ಗ್ರಾಮದ ರೈತರು ಭಾಗವಹಿಸಿದ್ದರು.
